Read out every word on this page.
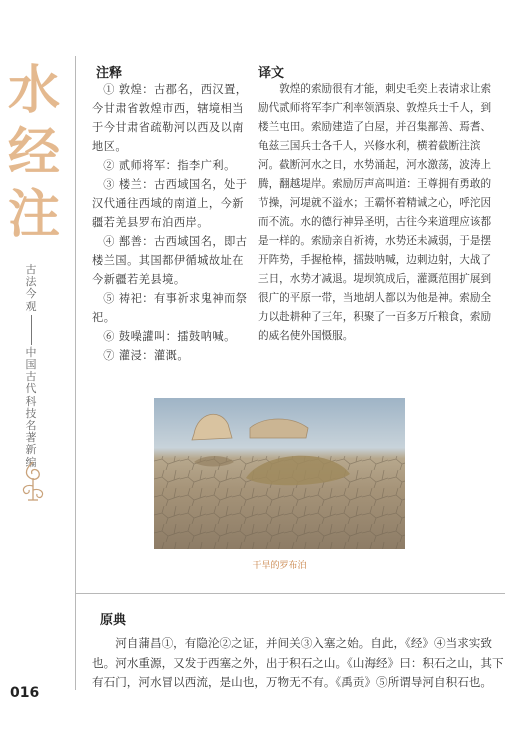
水
经
注
古
法
今
观
中
国
古
代
科
技
名
著
新
编
注释

① 敦煌：古郡名，西汉置，今甘肃省敦煌市西，辖境相当于今甘肃省疏勒河以西及以南地区。

② 贰师将军：指李广利。

③ 楼兰：古西域国名，处于汉代通往西域的南道上，今新疆若羌县罗布泊西岸。

④ 鄯善：古西域国名，即古楼兰国。其国都伊循城故址在今新疆若羌县境。

⑤ 祷祀：有事祈求鬼神而祭祀。

⑥ 鼓噪讙叫：擂鼓呐喊。

⑦ 灌浸：灌溉。

译文

敦煌的索励很有才能，刺史毛奕上表请求让索励代贰师将军李广利率领酒泉、敦煌兵士千人，到楼兰屯田。索励建造了白屋，并召集鄯善、焉耆、龟兹三国兵士各千人，兴修水利，横着截断注滨河。截断河水之日，水势涌起，河水激荡，波涛上腾，翻越堤岸。索励厉声高叫道：王尊拥有勇敢的节操，河堤就不溢水；王霸怀着精诚之心，呼沱因而不流。水的德行神异圣明，古往今来道理应该都是一样的。索励亲自祈祷，水势还未减弱，于是摆开阵势，手握枪棒，擂鼓呐喊，边刺边射，大战了三日，水势才减退。堤坝筑成后，灌溉范围扩展到很广的平原一带，当地胡人都以为他是神。索励全力以赴耕种了三年，积聚了一百多万斤粮食，索励的威名使外国慑服。

干旱的罗布泊
原典

河自蒲昌①，有隐沦②之证，并间关③入塞之始。自此，《经》④当求实致也。河水重源，又发于西塞之外，出于积石之山。《山海经》曰：积石之山，其下有石门，河水冒以西流，是山也，万物无不有。《禹贡》⑤所谓导河自积石也。

016
